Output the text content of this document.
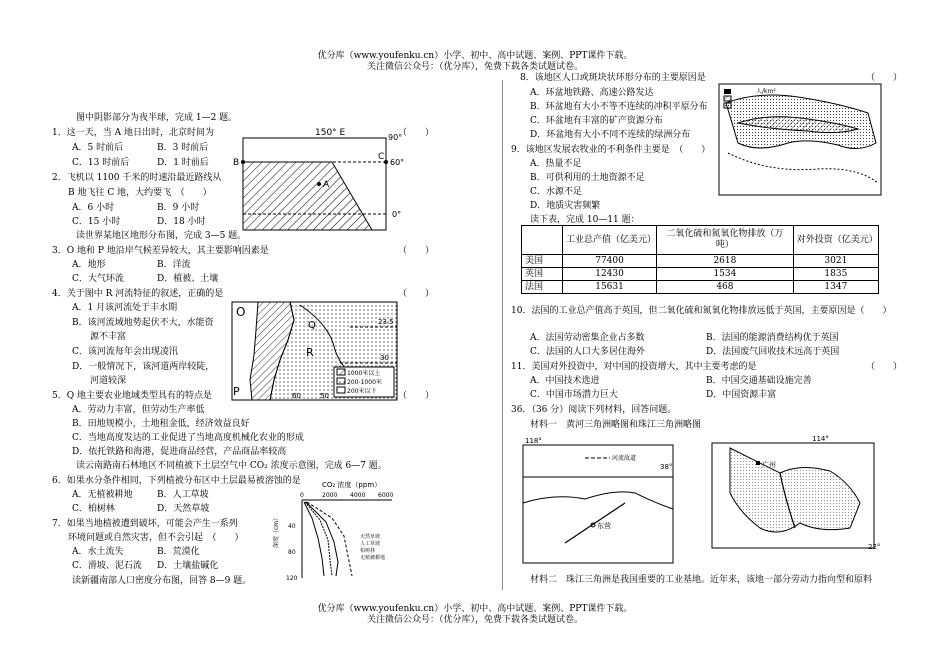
优分库（www.youfenku.cn）小学、初中、高中试题、案例、PPT课件下载。
关注微信公众号：（优分库），免费下载各类试题试卷。
图中阴影部分为夜半球，完成 1—2 题。
1．这一天，当 A 地日出时，北京时间为	（　　）
A．5 时前后	B．3 时前后
C．13 时前后	D．1 时前后
2．飞机以 1100 千米的时速沿最近路线从
B 地飞往 C 地，大约要飞　（　　）
A．6 小时	B．9 小时
C．15 小时	D．18 小时
读世界某地区地形分布图，完成 3—5 题。
3．O 地和 P 地沿岸气候差异较大，其主要影响因素是	（　　）
A．地形	B．洋流
C．大气环流	D．植被、土壤
4．关于图中 R 河流特征的叙述，正确的是	（　　）
A．1 月该河流处于丰水期
B．该河流域地势起伏不大，水能资
源不丰富
C．该河流每年会出现凌汛
D．一般情况下，该河道两岸较陡，
河道较深
5．Q 地主要农业地域类型具有的特点是	（　　）
A．劳动力丰富，但劳动生产率低
B．田地规模小，土地租金低，经济效益良好
C．当地高度发达的工业促进了当地高度机械化农业的形成
D．依托铁路和海港，促进商品经营，产品商品率较高
读云南路南石林地区不同植被下土层空气中 CO₂ 浓度示意图，完成 6—7 题。
6．如果水分条件相同，下列植被分布区中土层最易被溶蚀的是
A．无植被耕地	B．人工草坡
C．柏树林	D．天然草坡
7．如果当地植被遭到破坏，可能会产生一系列
环境问题或自然灾害，但不会引起　（　　）
A．水土流失	B．荒漠化
C．滑坡、泥石流 D．土壤盐碱化
读新疆南部人口密度分布图，回答 8—9 题。
150° E	90°
60°
0°
B
C
A
1000米以上
200-1000米
200米以下
O
Q
R
P
23.5
30
60	50
CO₂ 浓度（ppm）
0	2000 4000 6000
深度（cm） 40
80
120
天然草坡
人工草坡
柏树林
无植被耕地
8．该地区人口或斑块状环形分布的主要原因是	（　　）
A．环盆地铁路、高速公路发达
B．环盆地有大小不等不连续的冲积平原分布
C．环盆地有丰富的矿产资源分布
D．环盆地有大小不同不连续的绿洲分布
9．该地区发展农牧业的不利条件主要是　（　　）
A．热量不足
B．可供利用的土地资源不足
C．水源不足
D．地质灾害频繁
读下表，完成 10—11 题：
人/km²
	工业总产值（亿美元）	二氧化硫和氮氧化物排放（万吨）	对外投资（亿美元）
美国	77400	2618	3021
英国	12430	1534	1835
法国	15631	468	1347
10．法国的工业总产值高于英国，但二氧化硫和氮氧化物排放远低于英国，主要原因是（　　）
A．法国劳动密集企业占多数	B．法国的能源消费结构优于英国
C．法国的人口大多居住海外	D．法国废气回收技术远高于英国
11．美国对外投资中，对中国的投资增大，其中主要考虑的是	（　　）
A．中国技术选进	B．中国交通基础设施完善
C．中国市场潜力巨大	D．中国资源丰富
36．（36 分）阅读下列材料，回答问题。
材料一　黄河三角洲略图和珠江三角洲略图
118°
38°
河流故道
东营
114°
22°
广州
材料二　珠江三角洲是我国重要的工业基地。近年来，该地一部分劳动力指向型和原料
优分库（www.youfenku.cn）小学、初中、高中试题、案例、PPT课件下载。
关注微信公众号：（优分库），免费下载各类试题试卷。
